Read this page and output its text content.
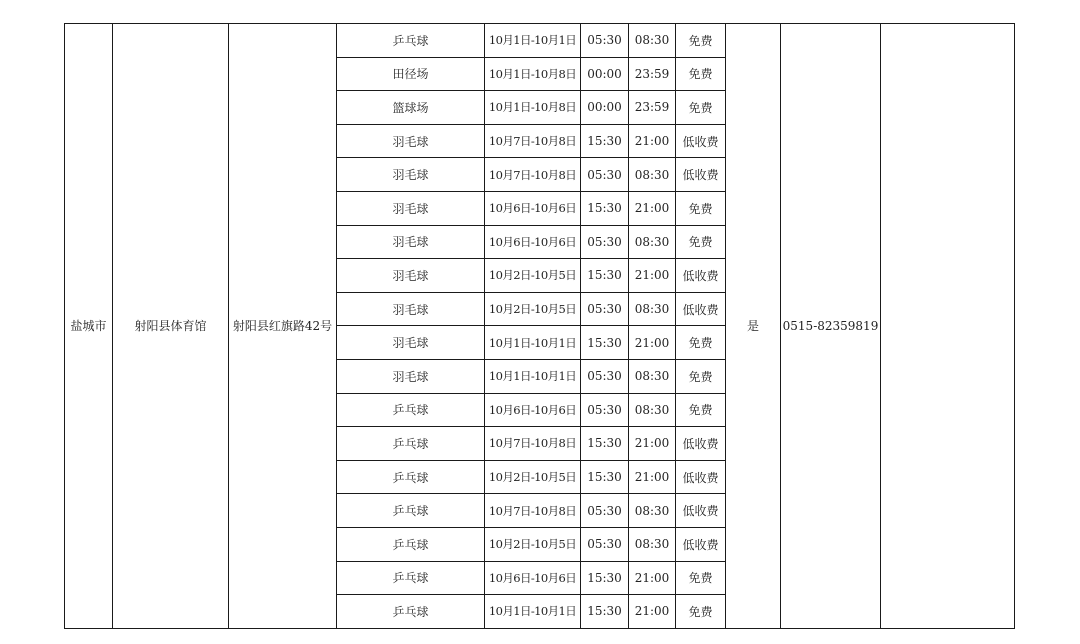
盐城市	射阳县体育馆	射阳县红旗路42号	乒乓球	10月1日-10月1日	05:30	08:30	免费	是	0515-82359819	
			田径场	10月1日-10月8日	00:00	23:59	免费			
			篮球场	10月1日-10月8日	00:00	23:59	免费			
			羽毛球	10月7日-10月8日	15:30	21:00	低收费			
			羽毛球	10月7日-10月8日	05:30	08:30	低收费			
			羽毛球	10月6日-10月6日	15:30	21:00	免费			
			羽毛球	10月6日-10月6日	05:30	08:30	免费			
			羽毛球	10月2日-10月5日	15:30	21:00	低收费			
			羽毛球	10月2日-10月5日	05:30	08:30	低收费			
			羽毛球	10月1日-10月1日	15:30	21:00	免费			
			羽毛球	10月1日-10月1日	05:30	08:30	免费			
			乒乓球	10月6日-10月6日	05:30	08:30	免费			
			乒乓球	10月7日-10月8日	15:30	21:00	低收费			
			乒乓球	10月2日-10月5日	15:30	21:00	低收费			
			乒乓球	10月7日-10月8日	05:30	08:30	低收费			
			乒乓球	10月2日-10月5日	05:30	08:30	低收费			
			乒乓球	10月6日-10月6日	15:30	21:00	免费			
			乒乓球	10月1日-10月1日	15:30	21:00	免费			
